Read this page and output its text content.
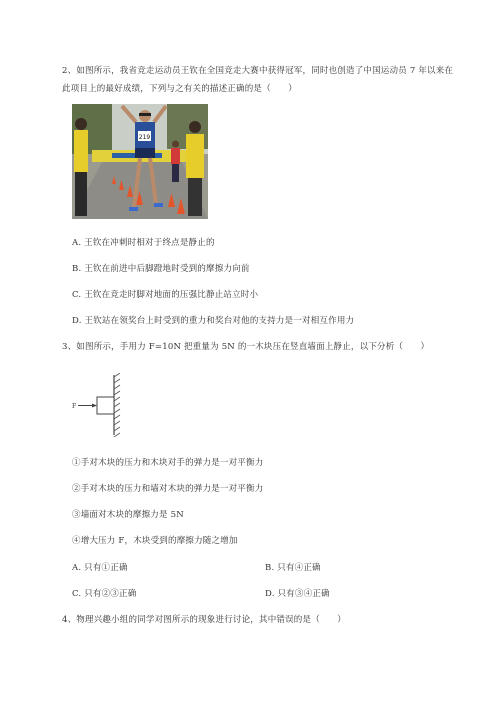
2、如图所示，我省竞走运动员王钦在全国竞走大赛中获得冠军，同时也创造了中国运动员 7 年以来在
此项目上的最好成绩，下列与之有关的描述正确的是（　　）
219
A. 王钦在冲刺时相对于终点是静止的
B. 王钦在前进中后脚蹬地时受到的摩擦力向前
C. 王钦在竞走时脚对地面的压强比静止站立时小
D. 王钦站在领奖台上时受到的重力和奖台对他的支持力是一对相互作用力
3、如图所示，手用力 F=10N 把重量为 5N 的一木块压在竖直墙面上静止，以下分析（　　）
F
①手对木块的压力和木块对手的弹力是一对平衡力
②手对木块的压力和墙对木块的弹力是一对平衡力
③墙面对木块的摩擦力是 5N
④增大压力 F，木块受到的摩擦力随之增加
A. 只有①正确	B. 只有④正确
C. 只有②③正确	D. 只有③④正确
4、物理兴趣小组的同学对图所示的现象进行讨论，其中错误的是（　　）
